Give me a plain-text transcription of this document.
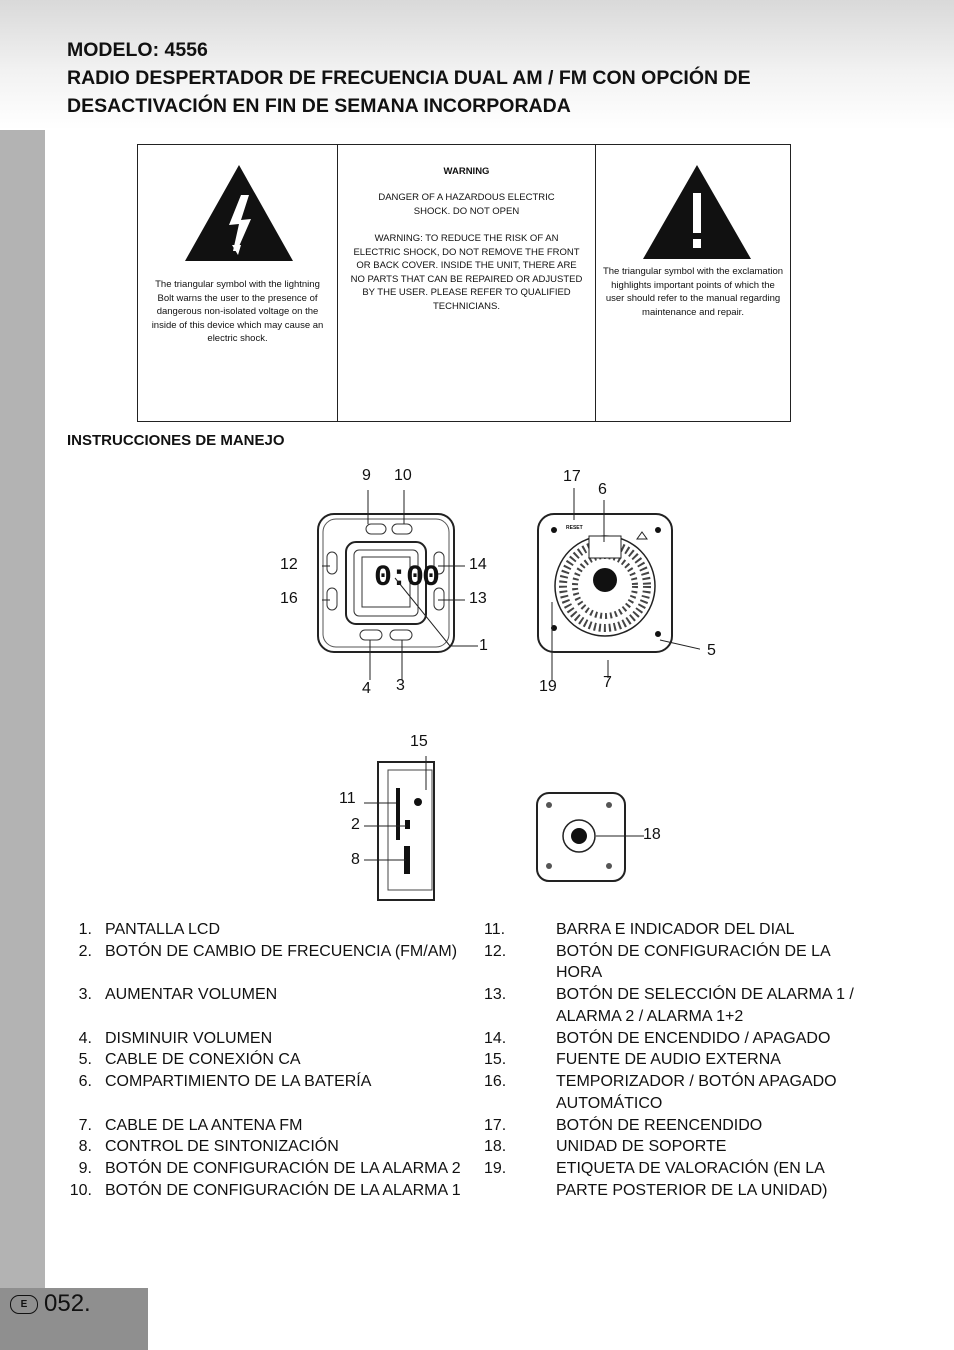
E 052.
MODELO: 4556
RADIO DESPERTADOR DE FRECUENCIA DUAL AM / FM CON OPCIÓN DE
DESACTIVACIÓN EN FIN DE SEMANA INCORPORADA
The triangular symbol with the lightning Bolt warns the user to the presence of dangerous non-isolated voltage on the inside of this device which may cause an electric shock.
WARNING
DANGER OF A HAZARDOUS ELECTRIC SHOCK. DO NOT OPEN
WARNING: TO REDUCE THE RISK OF AN ELECTRIC SHOCK, DO NOT REMOVE THE FRONT OR BACK COVER. INSIDE THE UNIT, THERE ARE NO PARTS THAT CAN BE REPAIRED OR ADJUSTED BY THE USER. PLEASE REFER TO QUALIFIED TECHNICIANS.
The triangular symbol with the exclamation highlights important points of which the user should refer to the manual regarding maintenance and repair.
INSTRUCCIONES DE MANEJO
0:00
RESET
9 10	17
6
12	14
16	13
1	5
4 3	19	7
15
11
2
8
18
1. PANTALLA LCD
2. BOTÓN DE CAMBIO DE FRECUENCIA (FM/AM)
3. AUMENTAR VOLUMEN
4. DISMINUIR VOLUMEN
5. CABLE DE CONEXIÓN CA
6. COMPARTIMIENTO DE LA BATERÍA
7. CABLE DE LA ANTENA FM
8. CONTROL DE SINTONIZACIÓN
9. BOTÓN DE CONFIGURACIÓN DE LA ALARMA 2
10. BOTÓN DE CONFIGURACIÓN DE LA ALARMA 1
11.	BARRA E INDICADOR DEL DIAL
12.	BOTÓN DE CONFIGURACIÓN DE LA
HORA
13.	BOTÓN DE SELECCIÓN DE ALARMA 1 /
ALARMA 2 / ALARMA 1+2
14.	BOTÓN DE ENCENDIDO / APAGADO
15.	FUENTE DE AUDIO EXTERNA
16.	TEMPORIZADOR / BOTÓN APAGADO
AUTOMÁTICO
17.	BOTÓN DE REENCENDIDO
18.	UNIDAD DE SOPORTE
19.	ETIQUETA DE VALORACIÓN (EN LA
PARTE POSTERIOR DE LA UNIDAD)
